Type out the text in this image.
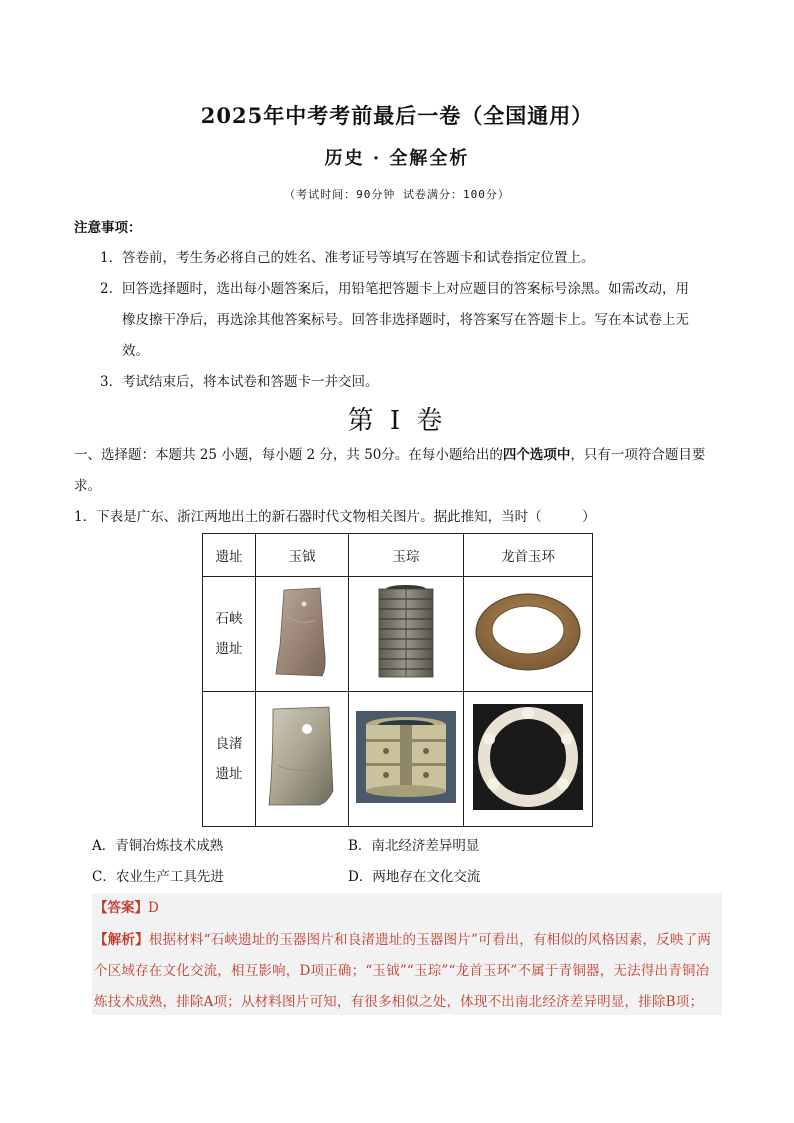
2025年中考考前最后一卷（全国通用）
历史 · 全解全析
（考试时间：90分钟 试卷满分：100分）
注意事项：
1．答卷前，考生务必将自己的姓名、准考证号等填写在答题卡和试卷指定位置上。
2．回答选择题时，选出每小题答案后，用铅笔把答题卡上对应题目的答案标号涂黑。如需改动，用
橡皮擦干净后，再选涂其他答案标号。回答非选择题时，将答案写在答题卡上。写在本试卷上无
效。
3．考试结束后，将本试卷和答题卡一并交回。
第 I 卷
一、选择题：本题共 25 小题，每小题 2 分，共 50分。在每小题给出的四个选项中，只有一项符合题目要求。
1．下表是广东、浙江两地出土的新石器时代文物相关图片。据此推知，当时（　　　）
遗址	玉钺	玉琮	龙首玉环

石峡
遗址

良渚
遗址

A．青铜冶炼技术成熟	B．南北经济差异明显
C．农业生产工具先进	D．两地存在文化交流
【答案】D
【解析】根据材料“石峡遗址的玉器图片和良渚遗址的玉器图片”可看出，有相似的风格因素，反映了两个区域存在文化交流，相互影响，D项正确；“玉钺”“玉琮”“龙首玉环”不属于青铜器，无法得出青铜冶炼技术成熟，排除A项；从材料图片可知，有很多相似之处，体现不出南北经济差异明显，排除B项；
